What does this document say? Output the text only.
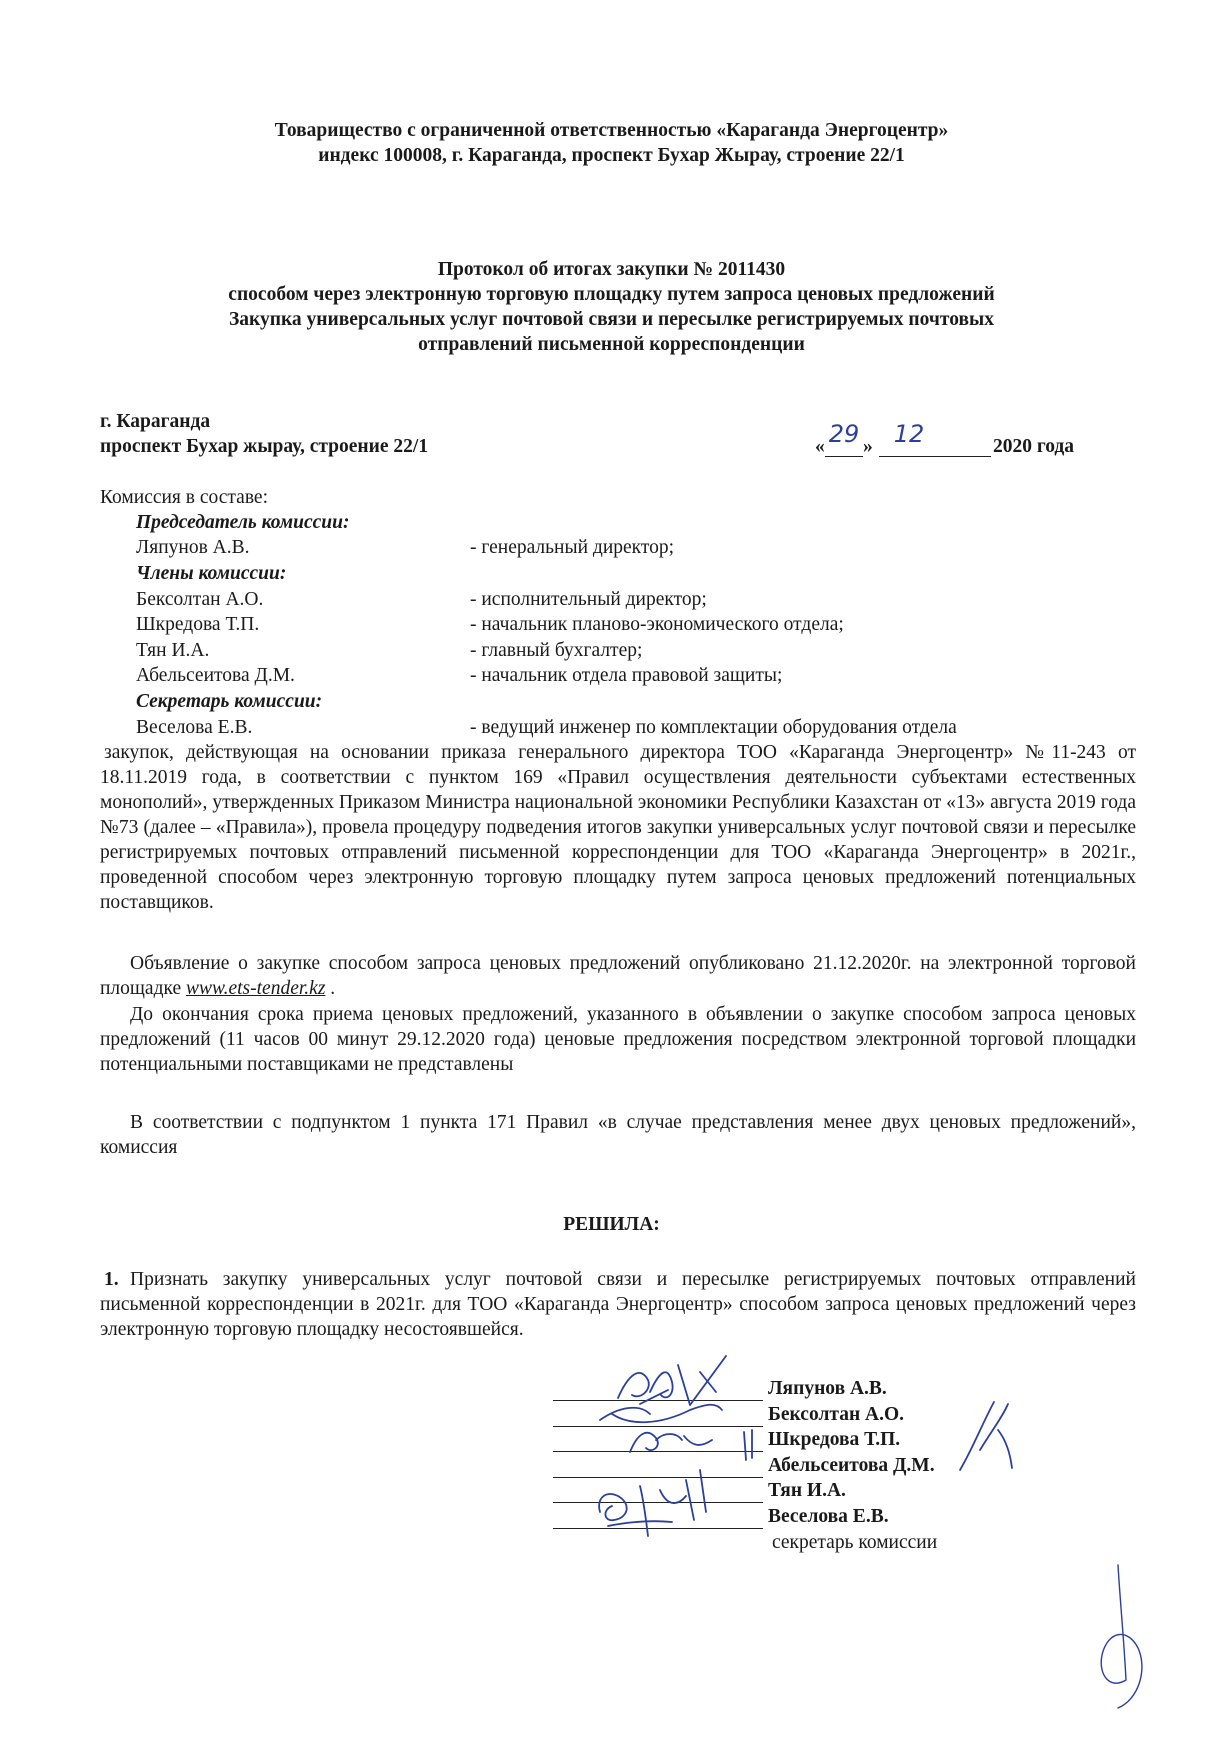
Товарищество с ограниченной ответственностью «Караганда Энергоцентр»
индекс 100008, г. Караганда, проспект Бухар Жырау, строение 22/1
Протокол об итогах закупки № 2011430
способом через электронную торговую площадку путем запроса ценовых предложений
Закупка универсальных услуг почтовой связи и пересылке регистрируемых почтовых
отправлений письменной корреспонденции
г. Караганда
проспект Бухар жырау, строение 22/1	« 29 » 12	2020 года
Комиссия в составе:
Председатель комиссии:
Ляпунов А.В.	- генеральный директор;
Члены комиссии:
Бексолтан А.О.	- исполнительный директор;
Шкредова Т.П.	- начальник планово-экономического отдела;
Тян И.А.	- главный бухгалтер;
Абельсеитова Д.М.	- начальник отдела правовой защиты;
Секретарь комиссии:
Веселова Е.В.	- ведущий инженер по комплектации оборудования отдела
закупок, действующая на основании приказа генерального директора ТОО «Караганда Энергоцентр» №11-243 от 18.11.2019 года, в соответствии с пунктом 169 «Правил осуществления деятельности субъектами естественных монополий», утвержденных Приказом Министра национальной экономики Республики Казахстан от «13» августа 2019 года №73 (далее – «Правила»), провела процедуру подведения итогов закупки универсальных услуг почтовой связи и пересылке регистрируемых почтовых отправлений письменной корреспонденции для ТОО «Караганда Энергоцентр» в 2021г., проведенной способом через электронную торговую площадку путем запроса ценовых предложений потенциальных поставщиков.
Объявление о закупке способом запроса ценовых предложений опубликовано 21.12.2020г. на электронной торговой площадке www.ets-tender.kz .
До окончания срока приема ценовых предложений, указанного в объявлении о закупке способом запроса ценовых предложений (11 часов 00 минут 29.12.2020 года) ценовые предложения посредством электронной торговой площадки потенциальными поставщиками не представлены
В соответствии с подпунктом 1 пункта 171 Правил «в случае представления менее двух ценовых предложений», комиссия
РЕШИЛА:
1. Признать закупку универсальных услуг почтовой связи и пересылке регистрируемых почтовых отправлений письменной корреспонденции в 2021г. для ТОО «Караганда Энергоцентр» способом запроса ценовых предложений через электронную торговую площадку несостоявшейся.
Ляпунов А.В.
Бексолтан А.О.
Шкредова Т.П.
Абельсеитова Д.М.
Тян И.А.
Веселова Е.В.
секретарь комиссии
